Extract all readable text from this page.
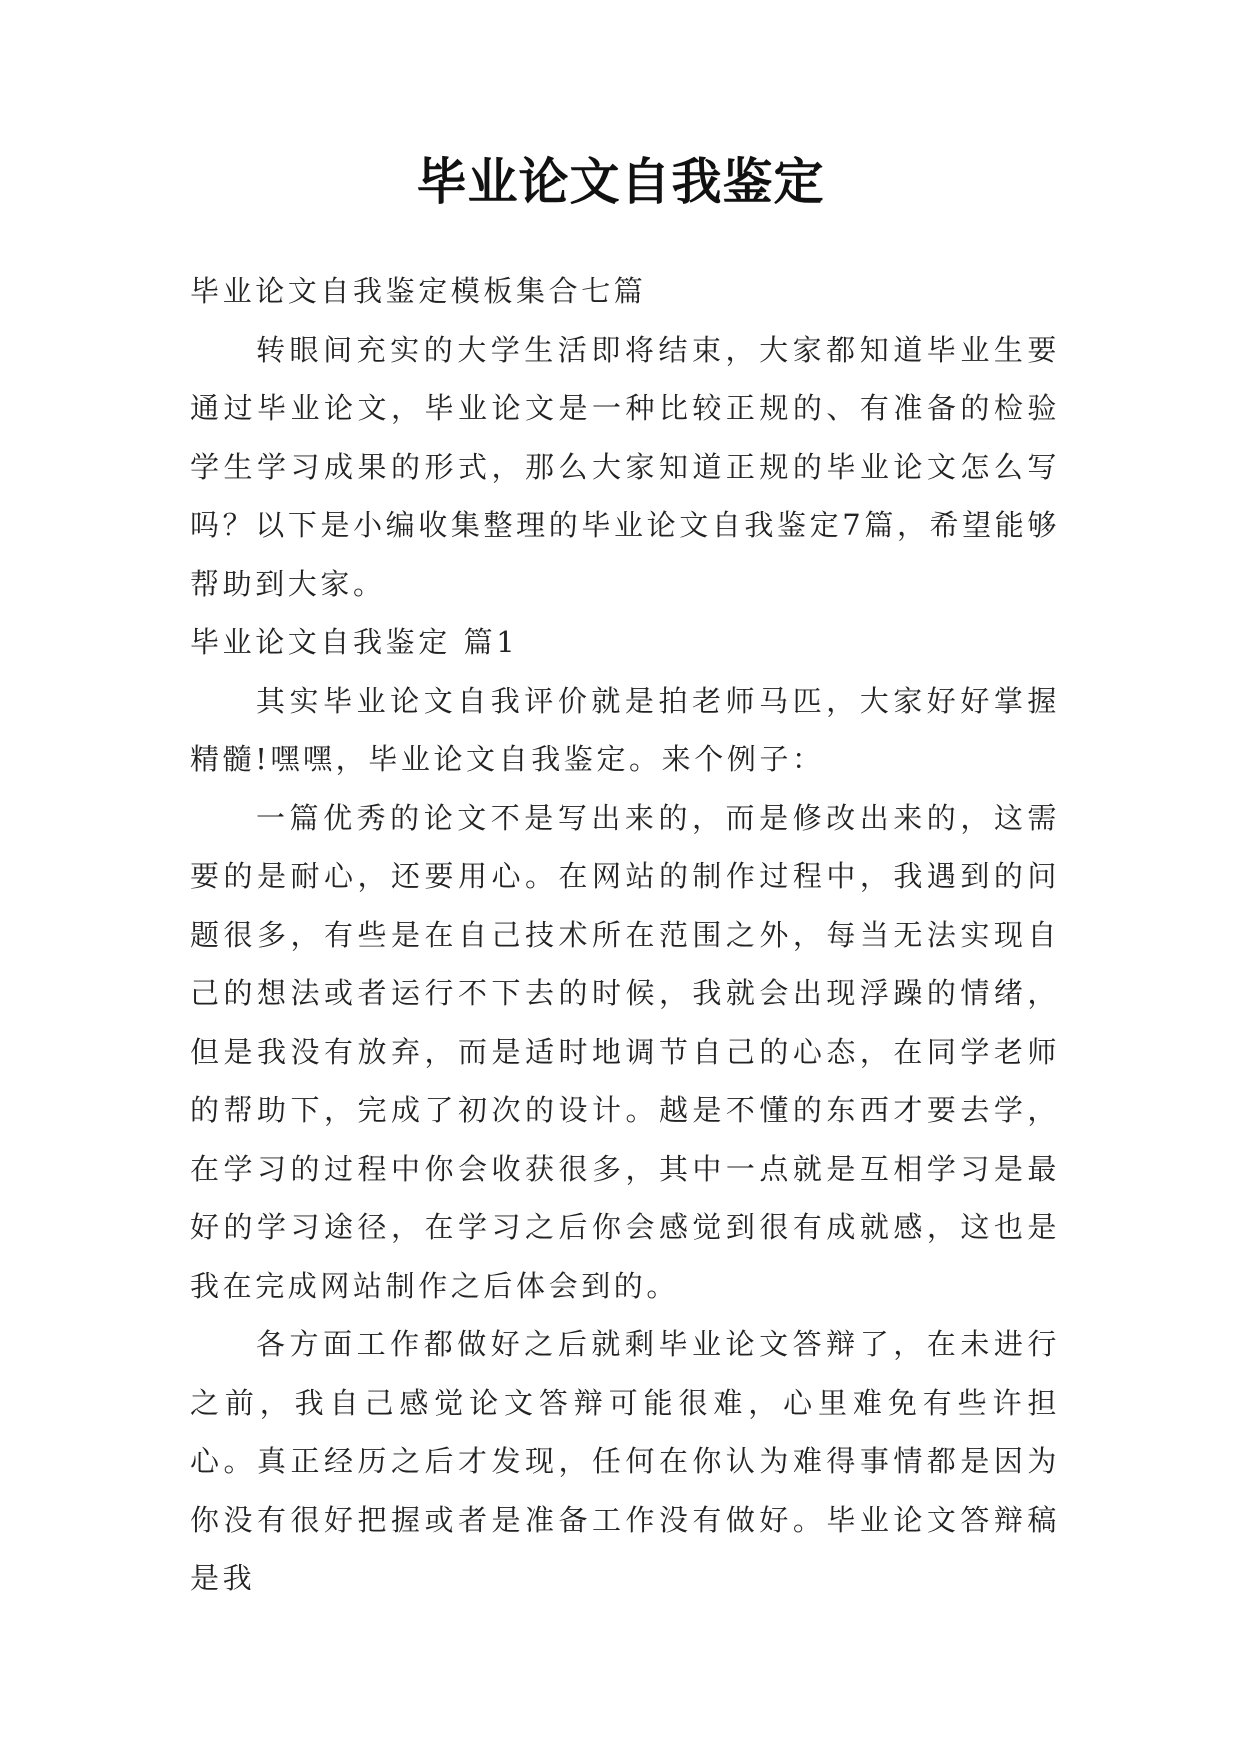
毕业论文自我鉴定

毕业论文自我鉴定模板集合七篇

转眼间充实的大学生活即将结束，大家都知道毕业生要通过毕业论文，毕业论文是一种比较正规的、有准备的检验学生学习成果的形式，那么大家知道正规的毕业论文怎么写吗？以下是小编收集整理的毕业论文自我鉴定7篇，希望能够帮助到大家。

毕业论文自我鉴定 篇1

其实毕业论文自我评价就是拍老师马匹，大家好好掌握精髓!嘿嘿，毕业论文自我鉴定。来个例子：

一篇优秀的论文不是写出来的，而是修改出来的，这需要的是耐心，还要用心。在网站的制作过程中，我遇到的问题很多，有些是在自己技术所在范围之外，每当无法实现自己的想法或者运行不下去的时候，我就会出现浮躁的情绪，但是我没有放弃，而是适时地调节自己的心态，在同学老师的帮助下，完成了初次的设计。越是不懂的东西才要去学，在学习的过程中你会收获很多，其中一点就是互相学习是最好的学习途径，在学习之后你会感觉到很有成就感，这也是我在完成网站制作之后体会到的。

各方面工作都做好之后就剩毕业论文答辩了，在未进行之前，我自己感觉论文答辩可能很难，心里难免有些许担心。真正经历之后才发现，任何在你认为难得事情都是因为你没有很好把握或者是准备工作没有做好。毕业论文答辩稿是我
